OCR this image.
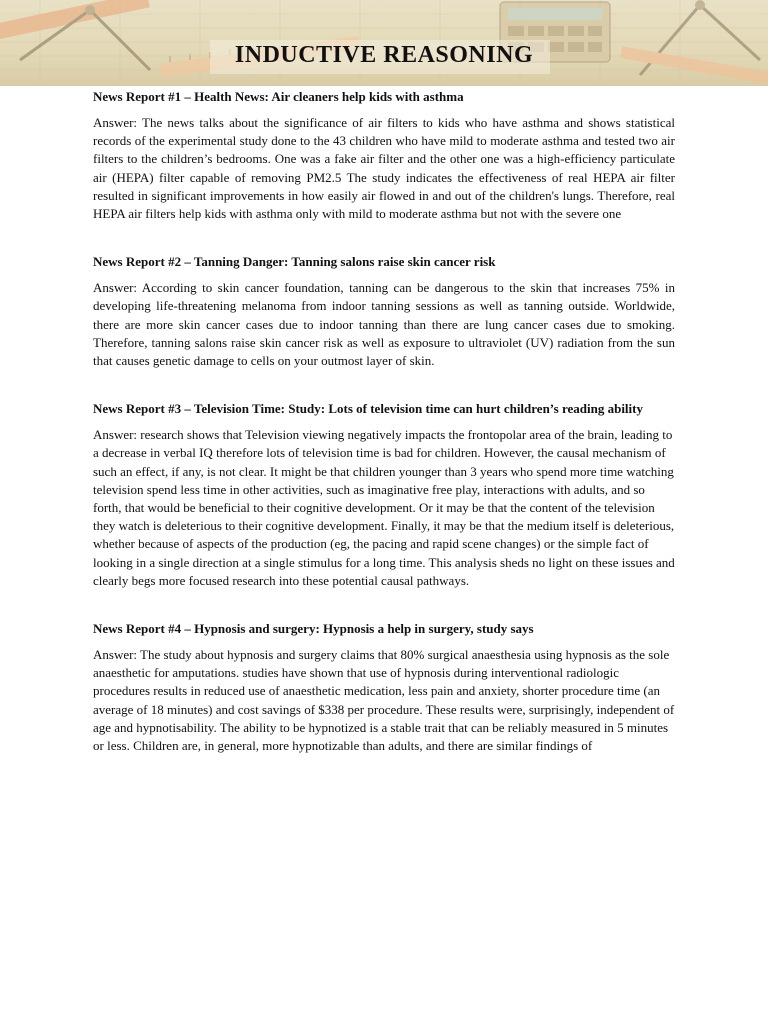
INDUCTIVE REASONING

News Report #1 – Health News: Air cleaners help kids with asthma

Answer: The news talks about the significance of air filters to kids who have asthma and shows statistical records of the experimental study done to the 43 children who have mild to moderate asthma and tested two air filters to the children’s bedrooms. One was a fake air filter and the other one was a high-efficiency particulate air (HEPA) filter capable of removing PM2.5 The study indicates the effectiveness of real HEPA air filter resulted in significant improvements in how easily air flowed in and out of the children's lungs. Therefore, real HEPA air filters help kids with asthma only with mild to moderate asthma but not with the severe one

News Report #2 – Tanning Danger: Tanning salons raise skin cancer risk

Answer: According to skin cancer foundation, tanning can be dangerous to the skin that increases 75% in developing life-threatening melanoma from indoor tanning sessions as well as tanning outside. Worldwide, there are more skin cancer cases due to indoor tanning than there are lung cancer cases due to smoking. Therefore, tanning salons raise skin cancer risk as well as exposure to ultraviolet (UV) radiation from the sun that causes genetic damage to cells on your outmost layer of skin.

News Report #3 – Television Time: Study: Lots of television time can hurt children’s reading ability

Answer: research shows that Television viewing negatively impacts the frontopolar area of the brain, leading to a decrease in verbal IQ therefore lots of television time is bad for children. However, the causal mechanism of such an effect, if any, is not clear. It might be that children younger than 3 years who spend more time watching television spend less time in other activities, such as imaginative free play, interactions with adults, and so forth, that would be beneficial to their cognitive development. Or it may be that the content of the television they watch is deleterious to their cognitive development. Finally, it may be that the medium itself is deleterious, whether because of aspects of the production (eg, the pacing and rapid scene changes) or the simple fact of looking in a single direction at a single stimulus for a long time. This analysis sheds no light on these issues and clearly begs more focused research into these potential causal pathways.

News Report #4 – Hypnosis and surgery: Hypnosis a help in surgery, study says

Answer: The study about hypnosis and surgery claims that 80% surgical anaesthesia using hypnosis as the sole anaesthetic for amputations. studies have shown that use of hypnosis during interventional radiologic procedures results in reduced use of anaesthetic medication, less pain and anxiety, shorter procedure time (an average of 18 minutes) and cost savings of $338 per procedure. These results were, surprisingly, independent of age and hypnotisability. The ability to be hypnotized is a stable trait that can be reliably measured in 5 minutes or less. Children are, in general, more hypnotizable than adults, and there are similar findings of
